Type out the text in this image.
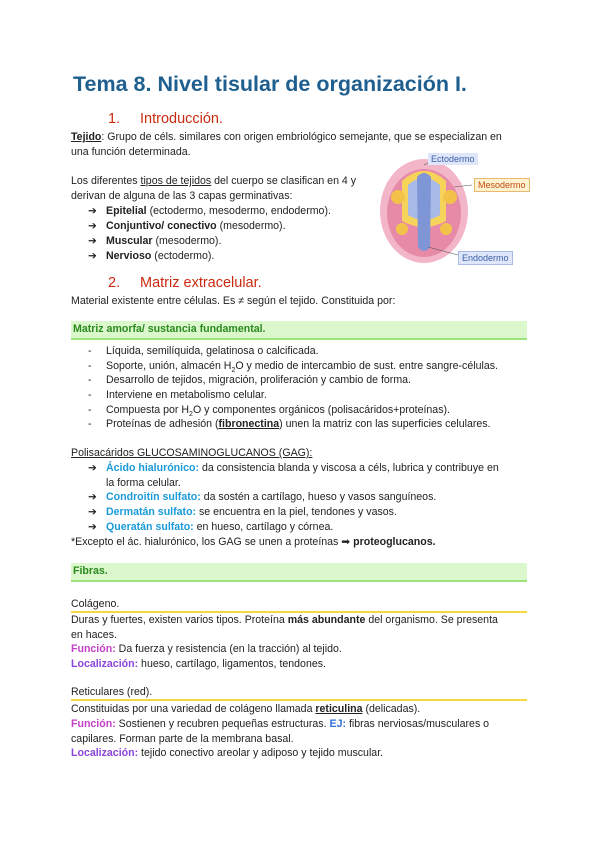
Tema 8. Nivel tisular de organización I.
1. Introducción.
Tejido: Grupo de céls. similares con origen embriológico semejante, que se especializan en
una función determinada.
Los diferentes tipos de tejidos del cuerpo se clasifican en 4 y
derivan de alguna de las 3 capas germinativas:
➔ Epitelial (ectodermo, mesodermo, endodermo).
➔ Conjuntivo/ conectivo (mesodermo).
➔ Muscular (mesodermo).
➔ Nervioso (ectodermo).
Ectodermo
Mesodermo
Endodermo
2. Matriz extracelular.
Material existente entre células. Es ≠ según el tejido. Constituida por:
Matriz amorfa/ sustancia fundamental.
- Líquida, semilíquida, gelatinosa o calcificada.
- Soporte, unión, almacén $H_2O$ y medio de intercambio de sust. entre sangre-células.
- Desarrollo de tejidos, migración, proliferación y cambio de forma.
- Interviene en metabolismo celular.
- Compuesta por $H_2O$ y componentes orgánicos (polisacáridos+proteínas).
- Proteínas de adhesión (fibronectina) unen la matriz con las superficies celulares.
Polisacáridos GLUCOSAMINOGLUCANOS (GAG):
➔ Ácido hialurónico: da consistencia blanda y viscosa a céls, lubrica y contribuye en
la forma celular.
➔ Condroitín sulfato: da sostén a cartílago, hueso y vasos sanguíneos.
➔ Dermatán sulfato: se encuentra en la piel, tendones y vasos.
➔ Queratán sulfato: en hueso, cartílago y córnea.
*Excepto el ác. hialurónico, los GAG se unen a proteínas ➡ proteoglucanos.
Fibras.
Colágeno.
Duras y fuertes, existen varios tipos. Proteína más abundante del organismo. Se presenta
en haces.
Función: Da fuerza y resistencia (en la tracción) al tejido.
Localización: hueso, cartílago, ligamentos, tendones.
Reticulares (red).
Constituidas por una variedad de colágeno llamada reticulina (delicadas).
Función: Sostienen y recubren pequeñas estructuras. EJ: fibras nerviosas/musculares o
capilares. Forman parte de la membrana basal.
Localización: tejido conectivo areolar y adiposo y tejido muscular.
